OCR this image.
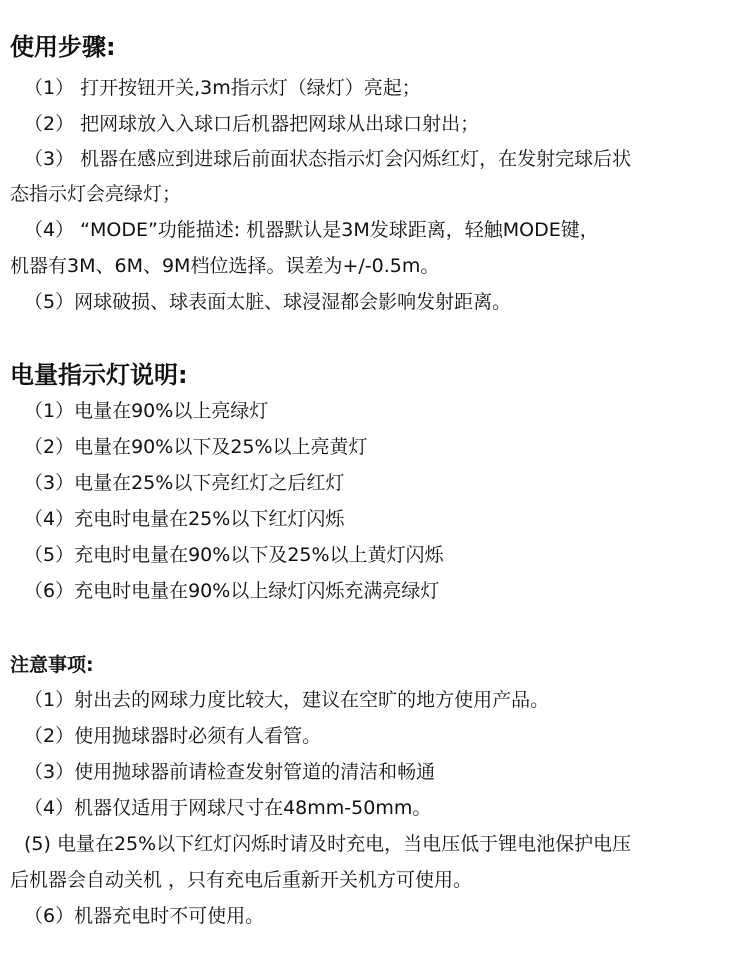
使用步骤:
（1） 打开按钮开关,3m指示灯（绿灯）亮起；
（2） 把网球放入入球口后机器把网球从出球口射出；
（3） 机器在感应到进球后前面状态指示灯会闪烁红灯，在发射完球后状
态指示灯会亮绿灯；
（4） “MODE”功能描述: 机器默认是3M发球距离，轻触MODE键，
机器有3M、6M、9M档位选择。误差为+/-0.5m。
（5）网球破损、球表面太脏、球浸湿都会影响发射距离。
电量指示灯说明:
（1）电量在90%以上亮绿灯
（2）电量在90%以下及25%以上亮黄灯
（3）电量在25%以下亮红灯之后红灯
（4）充电时电量在25%以下红灯闪烁
（5）充电时电量在90%以下及25%以上黄灯闪烁
（6）充电时电量在90%以上绿灯闪烁充满亮绿灯
注意事项:
（1）射出去的网球力度比较大，建议在空旷的地方使用产品。
（2）使用抛球器时必须有人看管。
（3）使用抛球器前请检查发射管道的清洁和畅通
（4）机器仅适用于网球尺寸在48mm-50mm。
(5) 电量在25%以下红灯闪烁时请及时充电，当电压低于锂电池保护电压
后机器会自动关机 ，只有充电后重新开关机方可使用。
（6）机器充电时不可使用。
